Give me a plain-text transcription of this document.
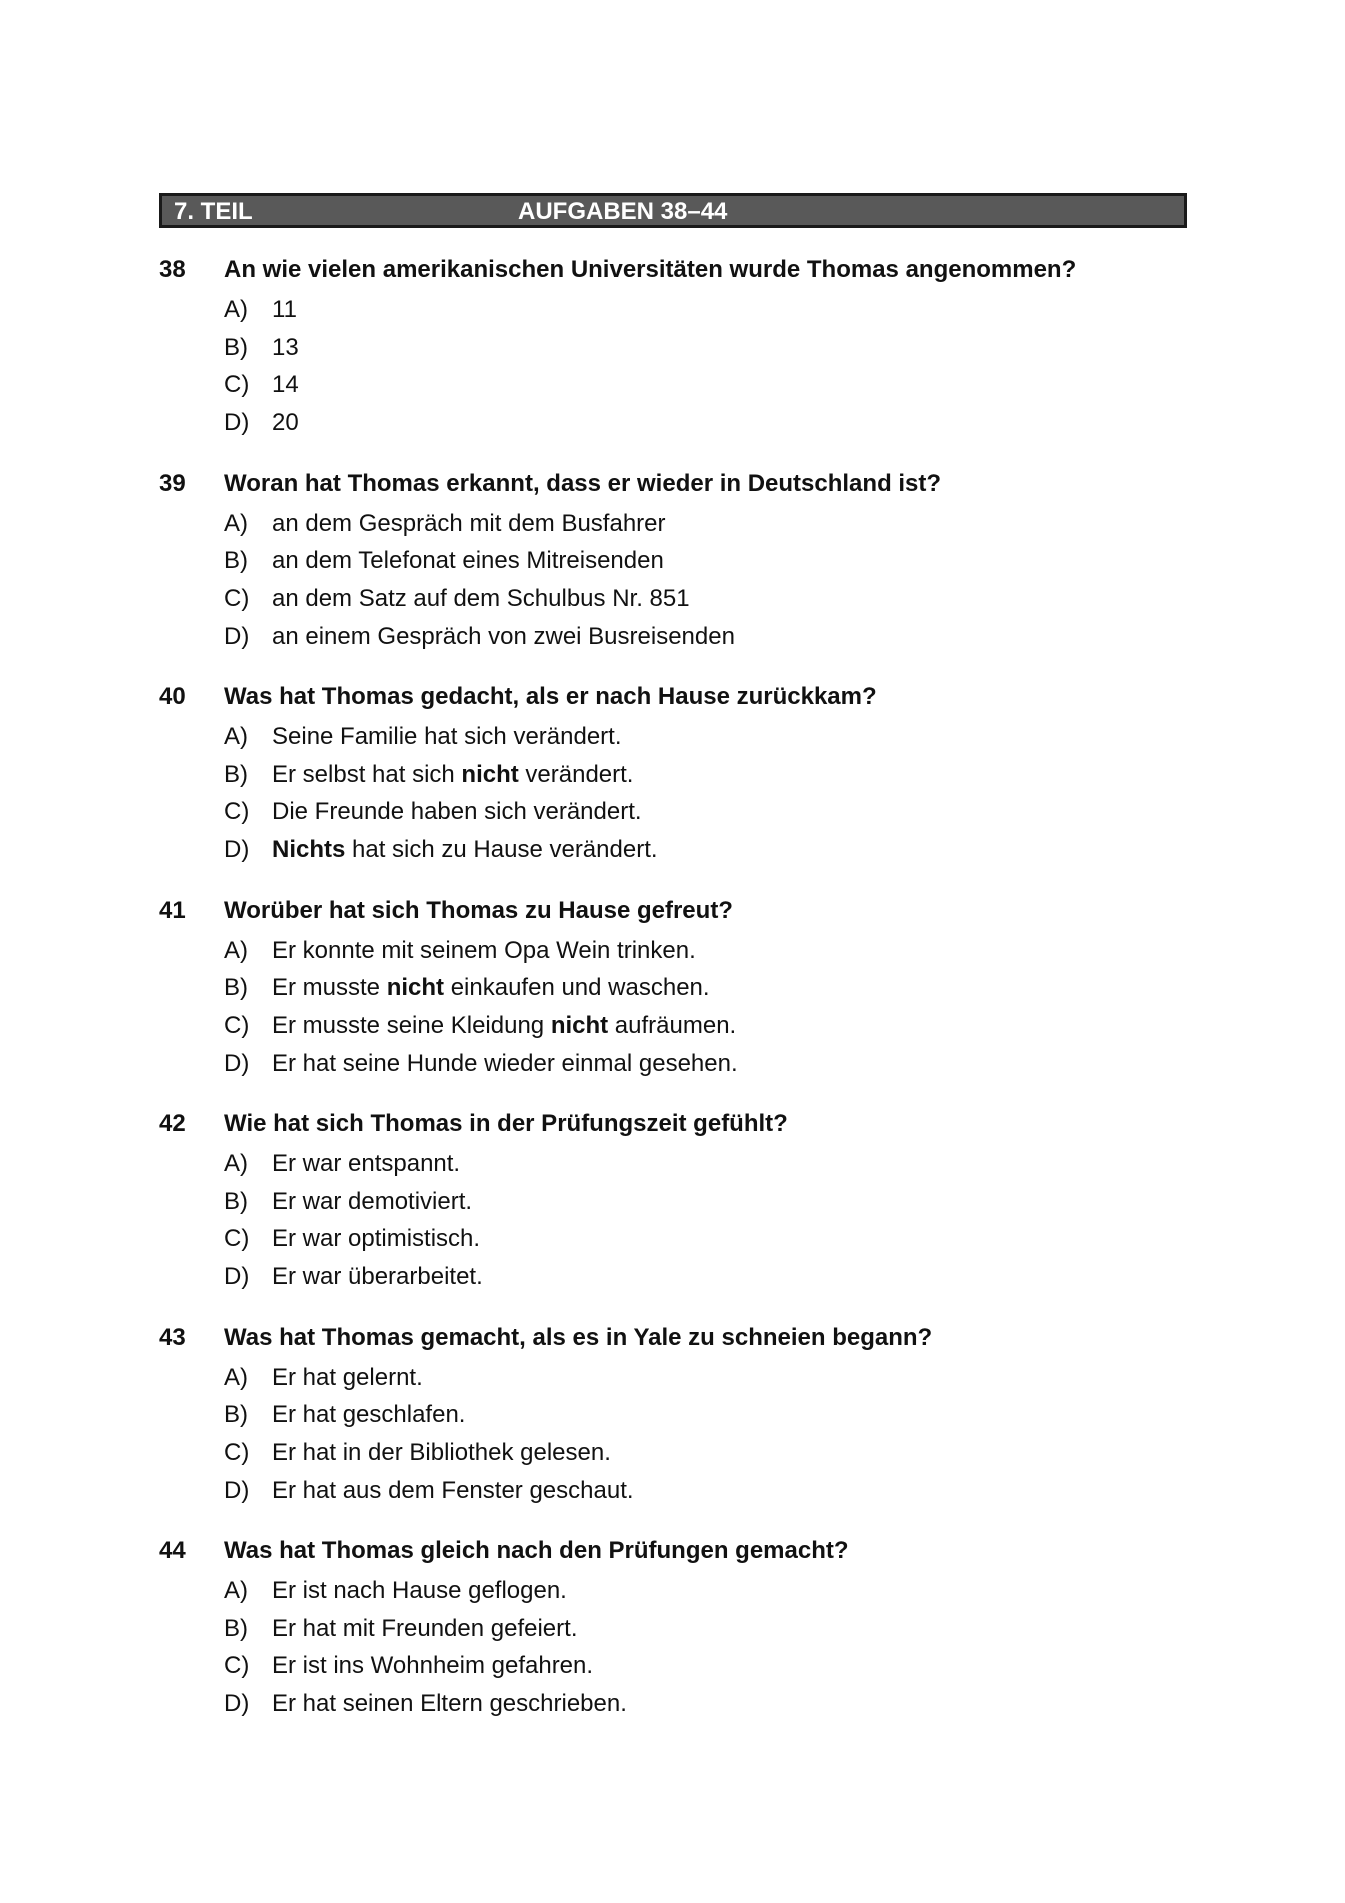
7. TEIL	AUFGABEN 38–44
38 An wie vielen amerikanischen Universitäten wurde Thomas angenommen?
A) 11
B) 13
C) 14
D) 20
39 Woran hat Thomas erkannt, dass er wieder in Deutschland ist?
A) an dem Gespräch mit dem Busfahrer
B) an dem Telefonat eines Mitreisenden
C) an dem Satz auf dem Schulbus Nr. 851
D) an einem Gespräch von zwei Busreisenden
40 Was hat Thomas gedacht, als er nach Hause zurückkam?
A) Seine Familie hat sich verändert.
B) Er selbst hat sich nicht verändert.
C) Die Freunde haben sich verändert.
D) Nichts hat sich zu Hause verändert.
41 Worüber hat sich Thomas zu Hause gefreut?
A) Er konnte mit seinem Opa Wein trinken.
B) Er musste nicht einkaufen und waschen.
C) Er musste seine Kleidung nicht aufräumen.
D) Er hat seine Hunde wieder einmal gesehen.
42 Wie hat sich Thomas in der Prüfungszeit gefühlt?
A) Er war entspannt.
B) Er war demotiviert.
C) Er war optimistisch.
D) Er war überarbeitet.
43 Was hat Thomas gemacht, als es in Yale zu schneien begann?
A) Er hat gelernt.
B) Er hat geschlafen.
C) Er hat in der Bibliothek gelesen.
D) Er hat aus dem Fenster geschaut.
44 Was hat Thomas gleich nach den Prüfungen gemacht?
A) Er ist nach Hause geflogen.
B) Er hat mit Freunden gefeiert.
C) Er ist ins Wohnheim gefahren.
D) Er hat seinen Eltern geschrieben.
